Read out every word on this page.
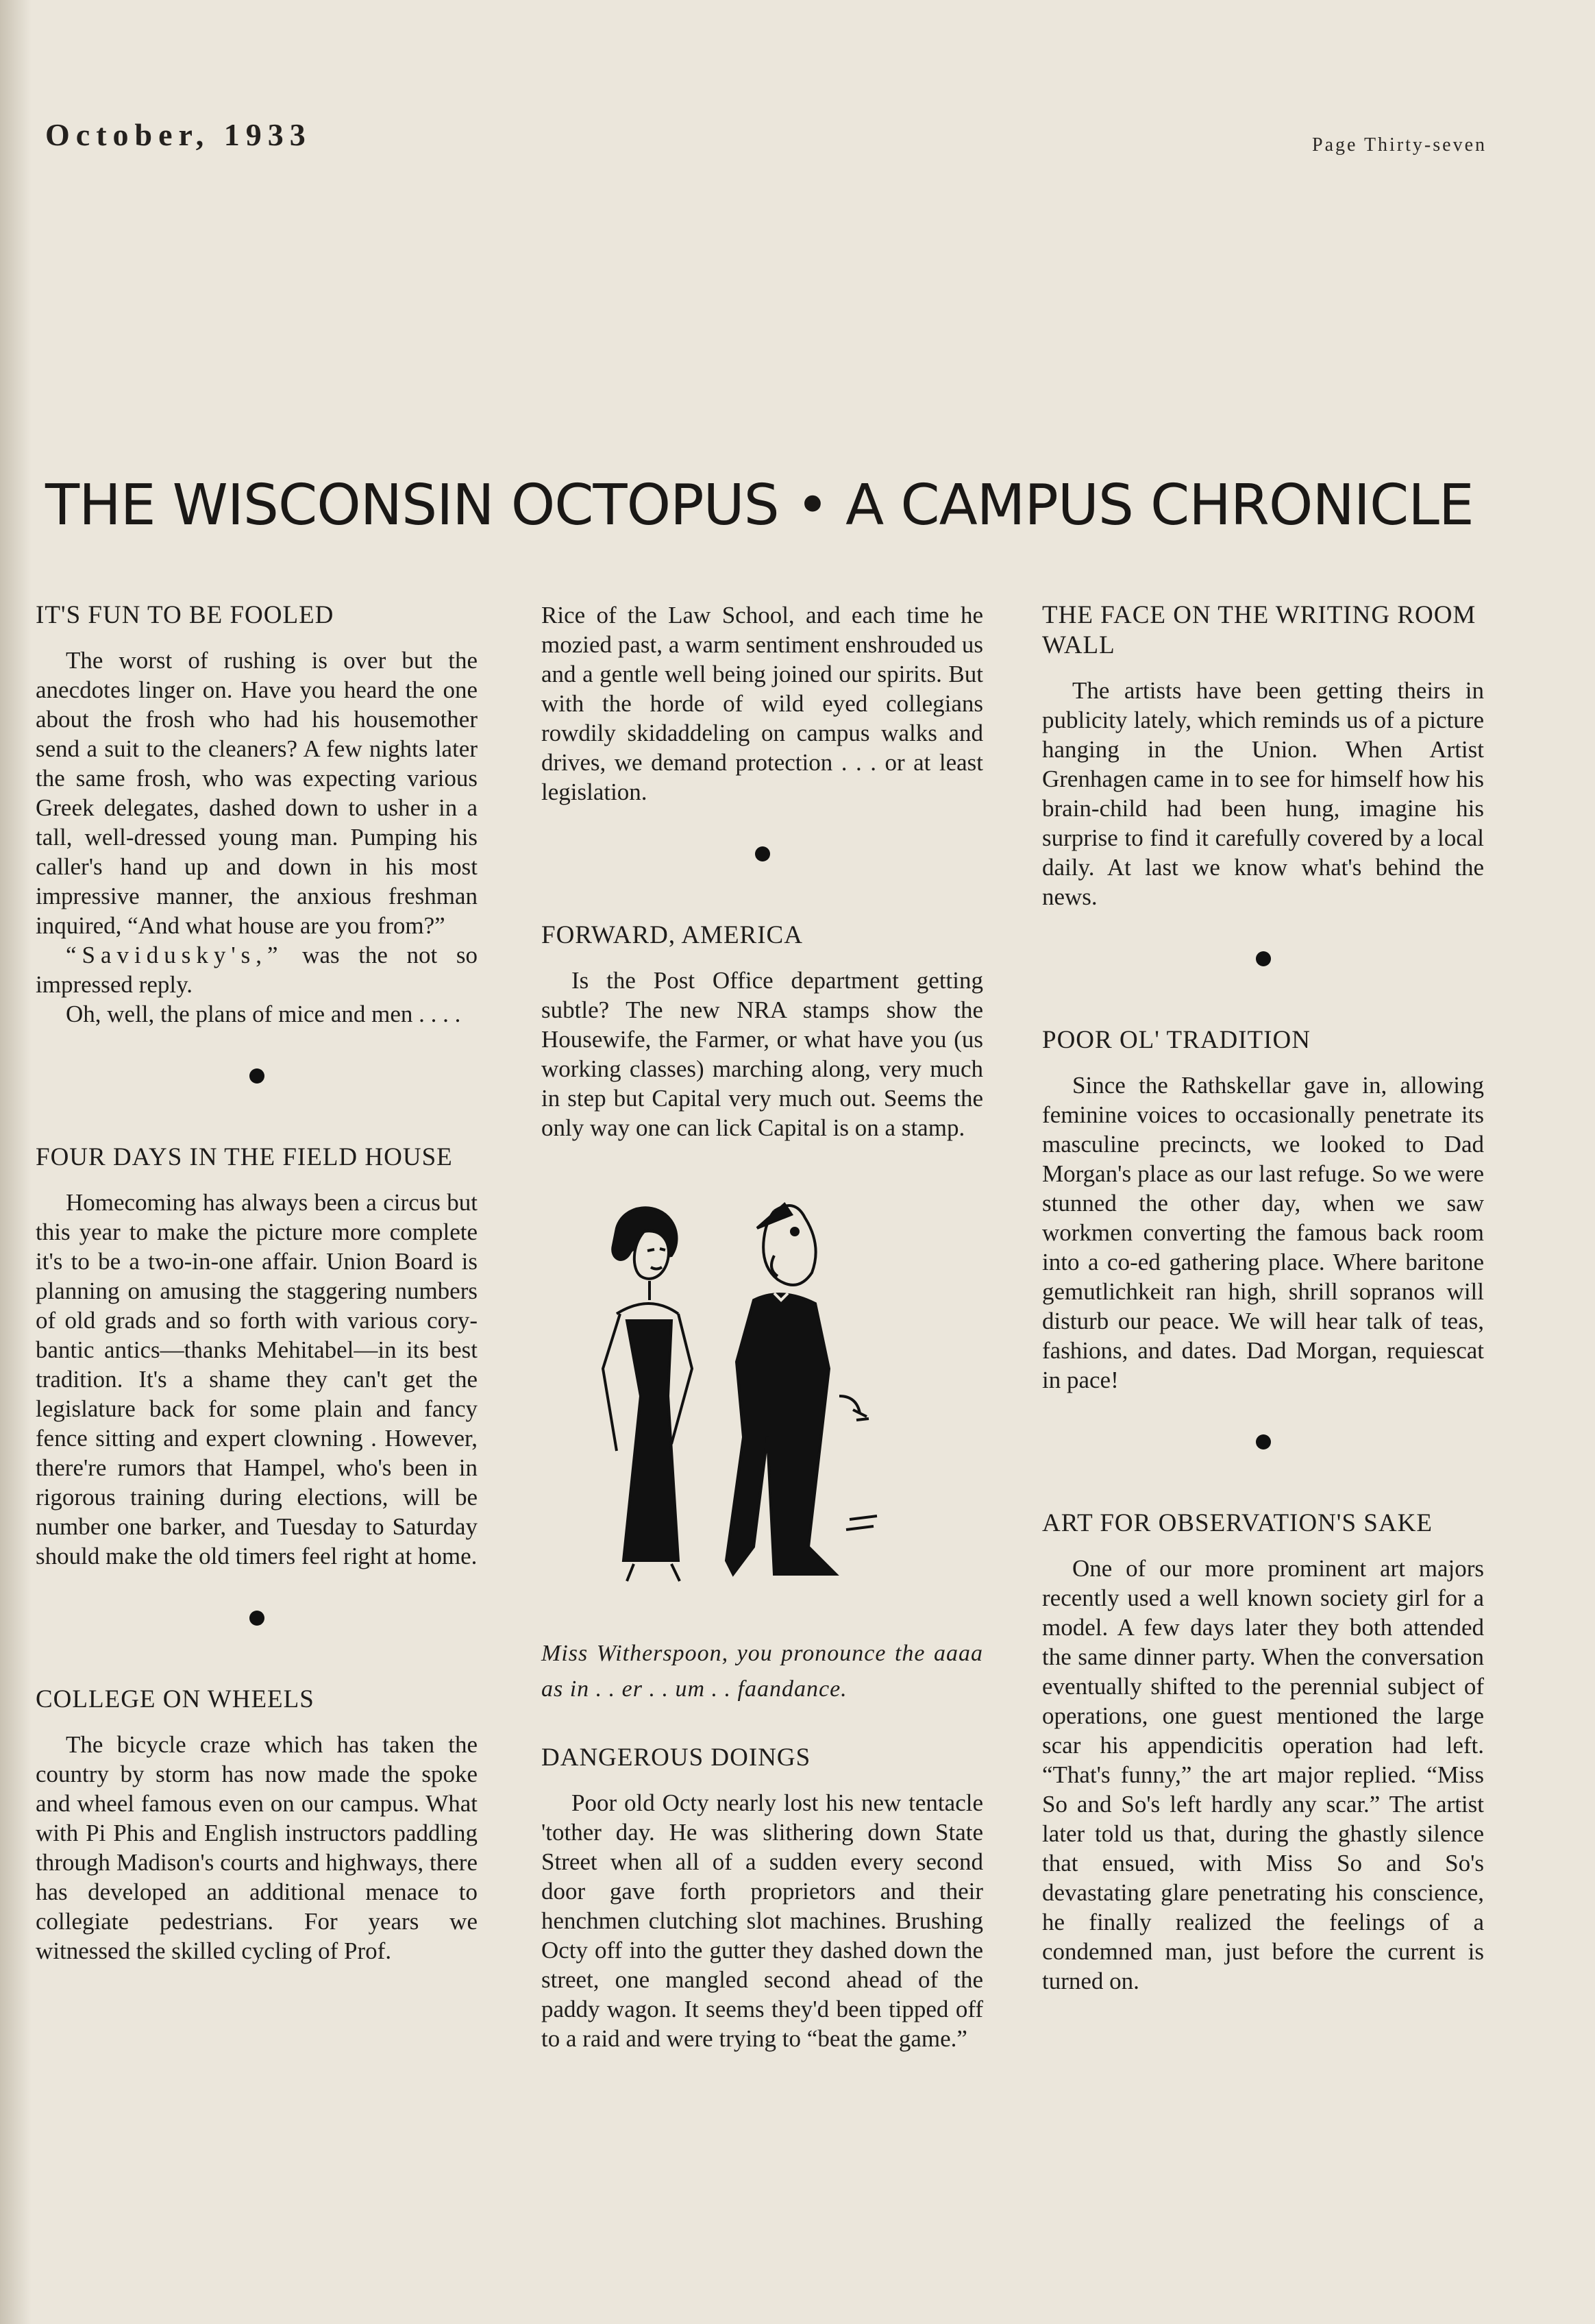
October, 1933	Page Thirty-seven
THE WISCONSIN OCTOPUS • A CAMPUS CHRONICLE
IT'S FUN TO BE FOOLED

The worst of rushing is over but the anecdotes linger on. Have you heard the one about the frosh who had his housemother send a suit to the cleaners? A few nights later the same frosh, who was expecting various Greek delegates, dashed down to usher in a tall, well-dressed young man. Pumping his caller's hand up and down in his most impressive manner, the anxious freshman inquired, “And what house are you from?”

“Savidusky's,” was the not so impressed reply.

Oh, well, the plans of mice and men . . . .

FOUR DAYS IN THE FIELD HOUSE

Homecoming has always been a circus but this year to make the picture more complete it's to be a two-in-one affair. Union Board is planning on amusing the staggering numbers of old grads and so forth with various corybantic antics—thanks Mehitabel—in its best tradition. It's a shame they can't get the legislature back for some plain and fancy fence sitting and expert clowning . However, there're rumors that Hampel, who's been in rigorous training during elections, will be number one barker, and Tuesday to Saturday should make the old timers feel right at home.

COLLEGE ON WHEELS

The bicycle craze which has taken the country by storm has now made the spoke and wheel famous even on our campus. What with Pi Phis and English instructors paddling through Madison's courts and highways, there has developed an additional menace to collegiate pedestrians. For years we witnessed the skilled cycling of Prof.

Rice of the Law School, and each time he mozied past, a warm sentiment enshrouded us and a gentle well being joined our spirits. But with the horde of wild eyed collegians rowdily skidaddeling on campus walks and drives, we demand protection . . . or at least legislation.

FORWARD, AMERICA

Is the Post Office department getting subtle? The new NRA stamps show the Housewife, the Farmer, or what have you (us working classes) marching along, very much in step but Capital very much out. Seems the only way one can lick Capital is on a stamp.

Miss Witherspoon, you pronounce the aaaa as in . . er . . um . . faandance.

DANGEROUS DOINGS

Poor old Octy nearly lost his new tentacle 'tother day. He was slithering down State Street when all of a sudden every second door gave forth proprietors and their henchmen clutching slot machines. Brushing Octy off into the gutter they dashed down the street, one mangled second ahead of the paddy wagon. It seems they'd been tipped off to a raid and were trying to “beat the game.”

THE FACE ON THE WRITING ROOM WALL

The artists have been getting theirs in publicity lately, which reminds us of a picture hanging in the Union. When Artist Grenhagen came in to see for himself how his brain-child had been hung, imagine his surprise to find it carefully covered by a local daily. At last we know what's behind the news.

POOR OL' TRADITION

Since the Rathskellar gave in, allowing feminine voices to occasionally penetrate its masculine precincts, we looked to Dad Morgan's place as our last refuge. So we were stunned the other day, when we saw workmen converting the famous back room into a co-ed gathering place. Where baritone gemutlichkeit ran high, shrill sopranos will disturb our peace. We will hear talk of teas, fashions, and dates. Dad Morgan, requiescat in pace!

ART FOR OBSERVATION'S SAKE

One of our more prominent art majors recently used a well known society girl for a model. A few days later they both attended the same dinner party. When the conversation eventually shifted to the perennial subject of operations, one guest mentioned the large scar his appendicitis operation had left. “That's funny,” the art major replied. “Miss So and So's left hardly any scar.” The artist later told us that, during the ghastly silence that ensued, with Miss So and So's devastating glare penetrating his conscience, he finally realized the feelings of a condemned man, just before the current is turned on.
